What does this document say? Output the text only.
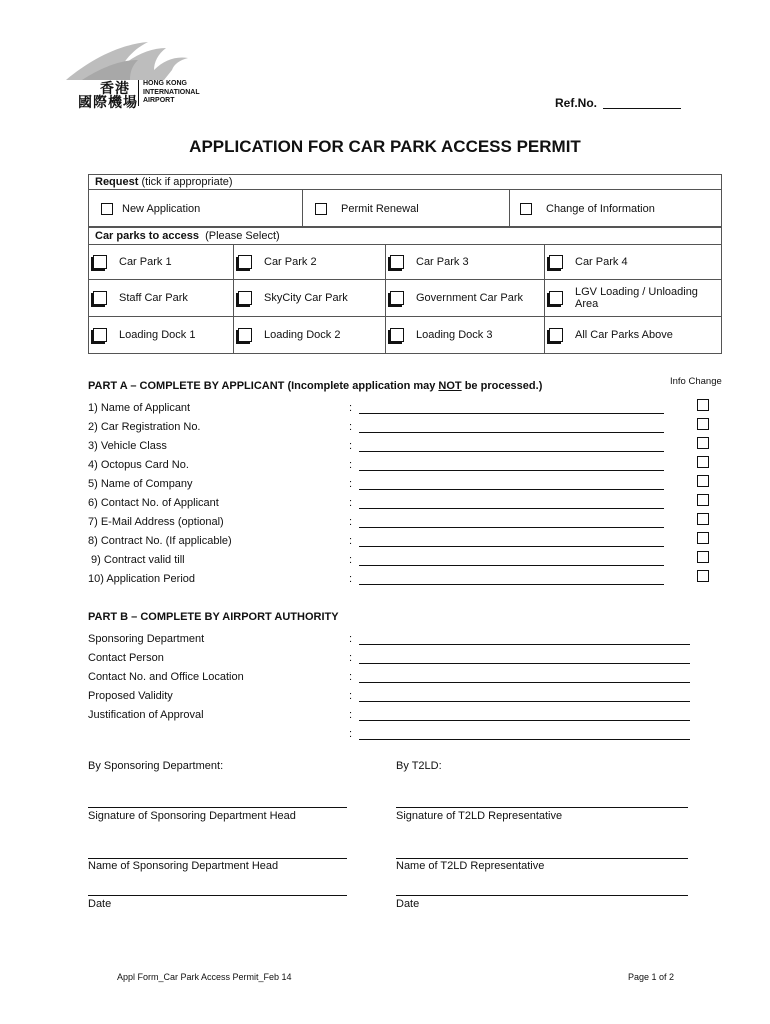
香港
國際機場
HONG KONG
INTERNATIONAL
AIRPORT	Ref.No.
APPLICATION FOR CAR PARK ACCESS PERMIT
Request (tick if appropriate)

New Application	Permit Renewal	Change of Information
Car parks to access (Please Select)			

Car Park 1	Car Park 2	Car Park 3	Car Park 4

Staff Car Park	SkyCity Car Park	Government Car Park	LGV Loading / Unloading Area

Loading Dock 1	Loading Dock 2	Loading Dock 3	All Car Parks Above
PART A – COMPLETE BY APPLICANT (Incomplete application may NOT be processed.)	Info Change
1) Name of Applicant	:
2) Car Registration No.	:
3) Vehicle Class	:
4) Octopus Card No.	:
5) Name of Company	:
6) Contact No. of Applicant	:
7) E-Mail Address (optional)	:
8) Contract No. (If applicable)	:
9) Contract valid till	:
10) Application Period	:
PART B – COMPLETE BY AIRPORT AUTHORITY
Sponsoring Department	:
Contact Person	:
Contact No. and Office Location	:
Proposed Validity	:
Justification of Approval	:
:
By Sponsoring Department:	By T2LD:
Signature of Sponsoring Department Head	Signature of T2LD Representative
Name of Sponsoring Department Head	Name of T2LD Representative
Date	Date
Appl Form_Car Park Access Permit_Feb 14	Page 1 of 2
